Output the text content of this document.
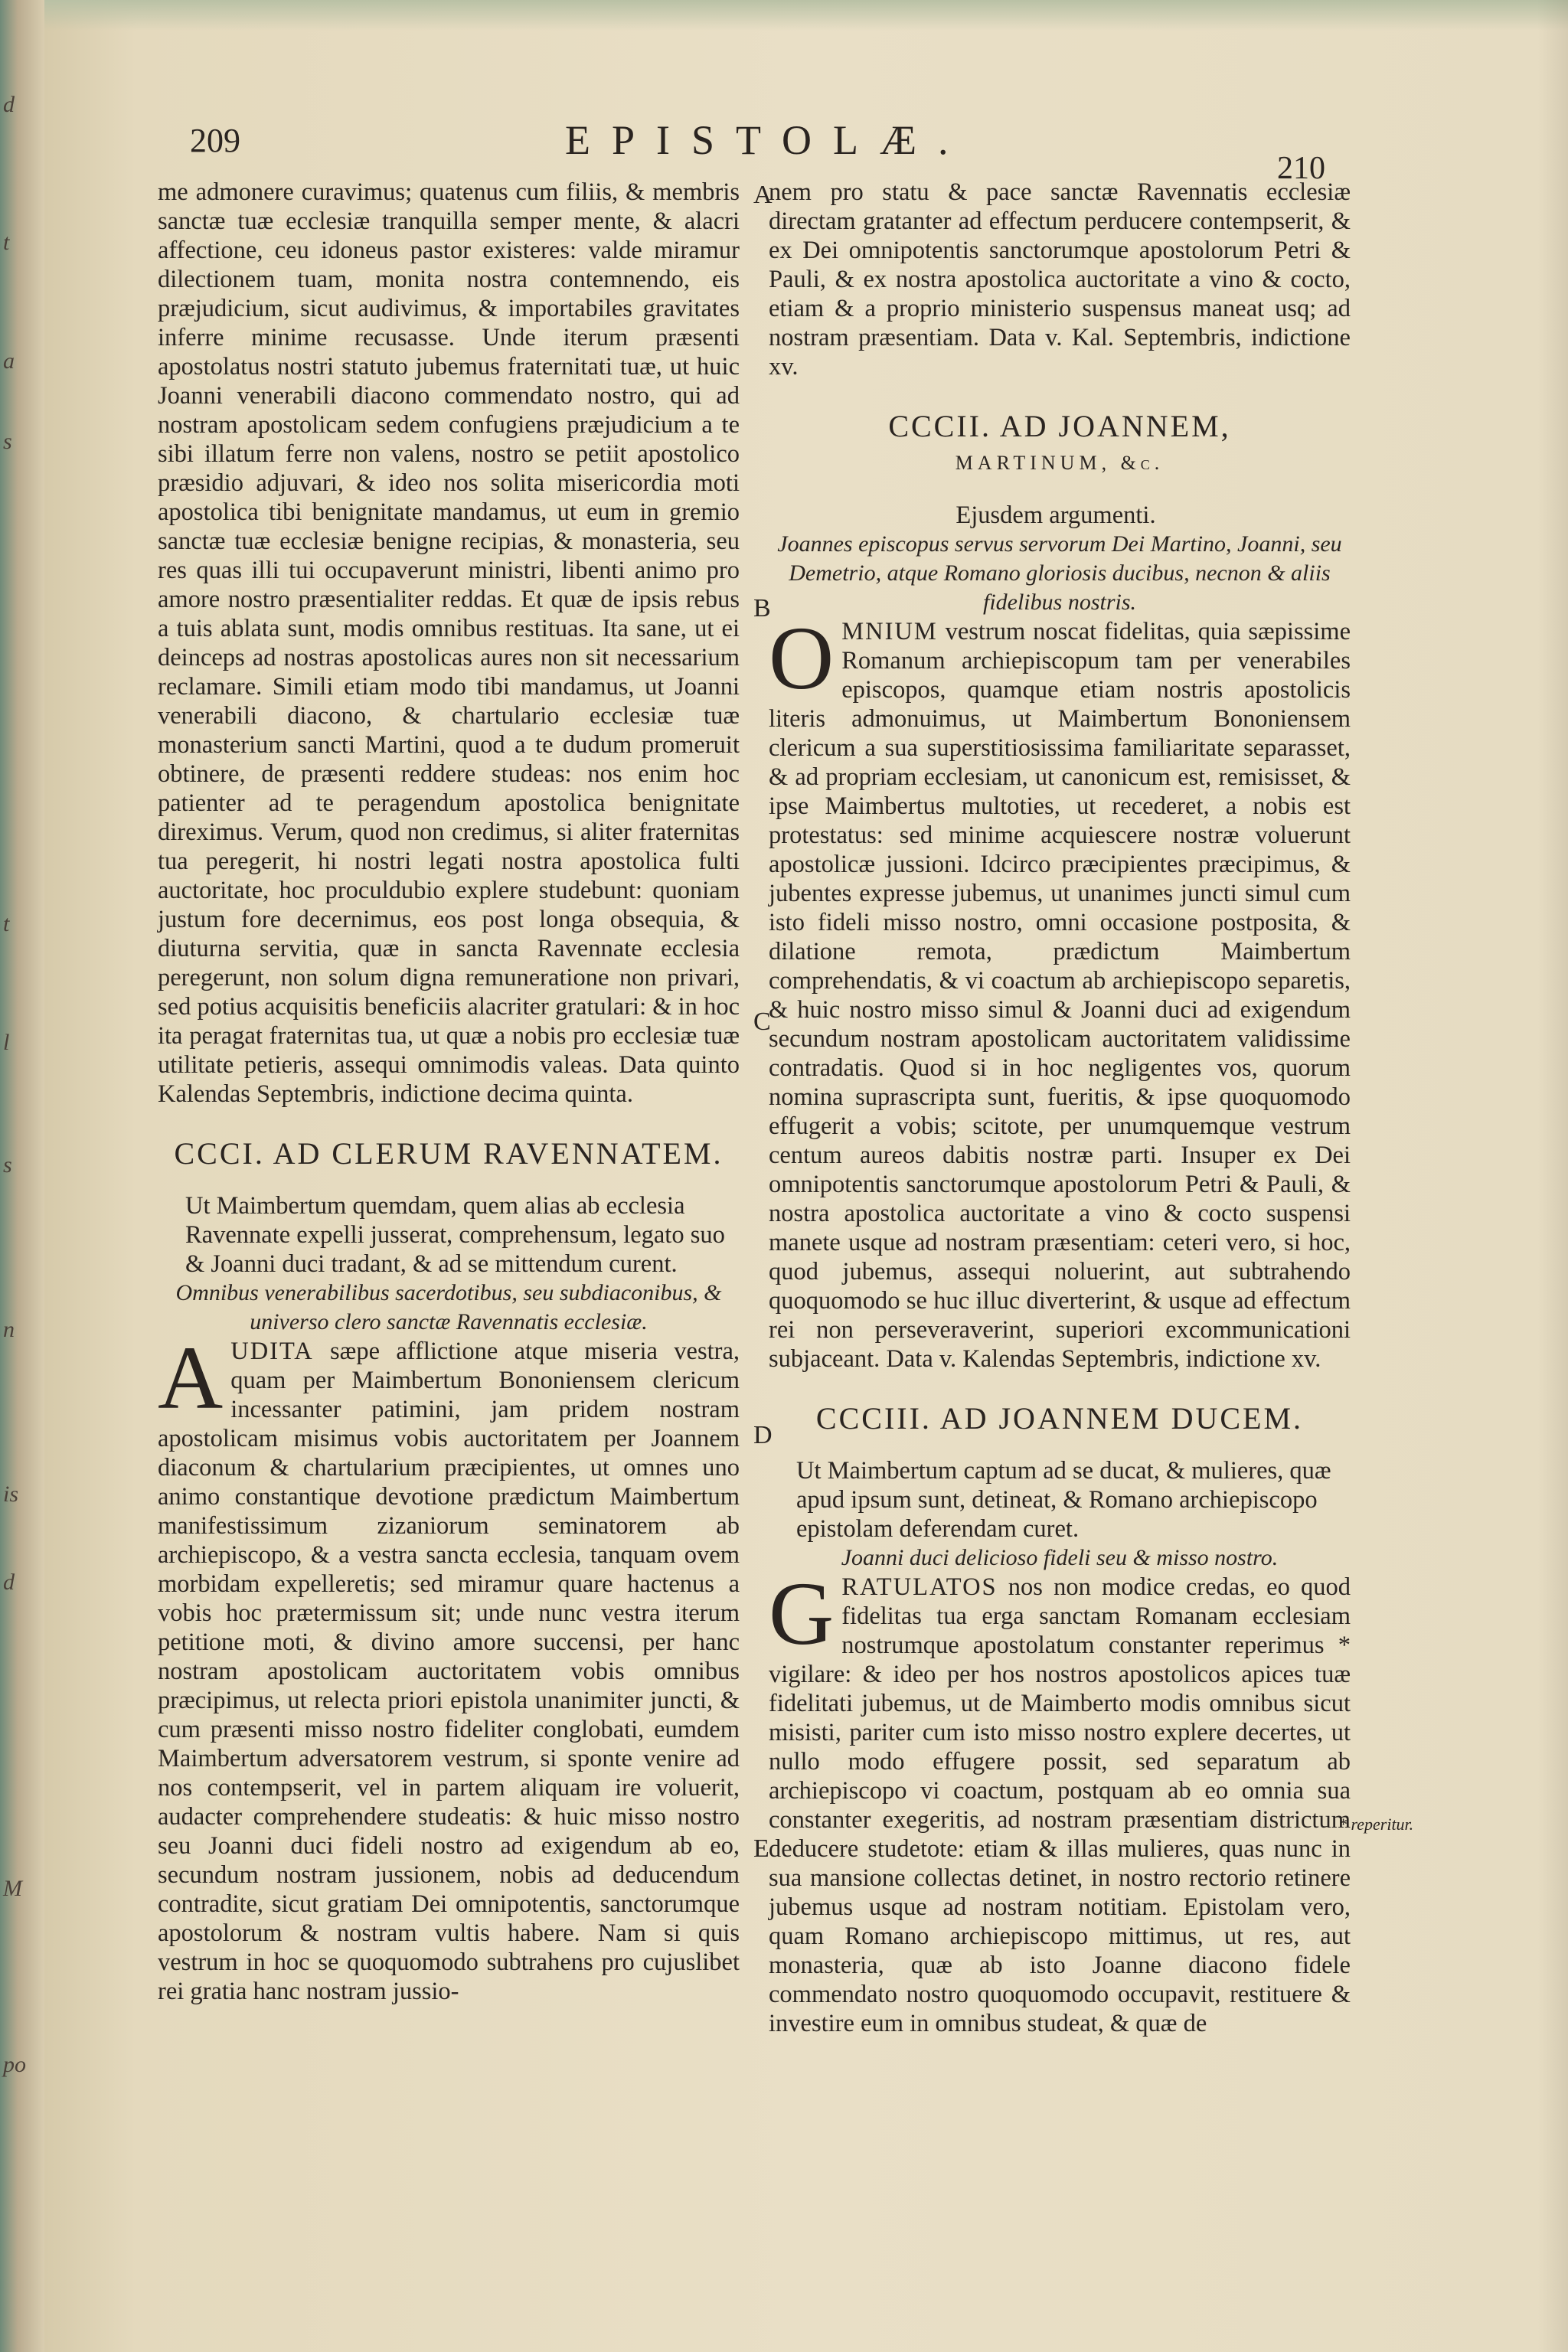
d
t
a
s
t
l
s
n
is
d
M
po
209	EPISTOLÆ.
210

me admonere curavimus; quatenus cum filiis, & membris sanctæ tuæ ecclesiæ tranquilla semper mente, & alacri affectione, ceu idoneus pastor existeres: valde miramur dilectionem tuam, monita nostra contemnendo, eis præjudicium, sicut audivimus, & importabiles gravitates inferre minime recusasse. Unde iterum præsenti apostolatus nostri statuto jubemus fraternitati tuæ, ut huic Joanni venerabili diacono commendato nostro, qui ad nostram apostolicam sedem confugiens præjudicium a te sibi illatum ferre non valens, nostro se petiit apostolico præsidio adjuvari, & ideo nos solita misericordia moti apostolica tibi benignitate mandamus, ut eum in gremio sanctæ tuæ ecclesiæ benigne recipias, & monasteria, seu res quas illi tui occupaverunt ministri, libenti animo pro amore nostro præsentialiter reddas. Et quæ de ipsis rebus a tuis ablata sunt, modis omnibus restituas. Ita sane, ut ei deinceps ad nostras apostolicas aures non sit necessarium reclamare. Simili etiam modo tibi mandamus, ut Joanni venerabili diacono, & chartulario ecclesiæ tuæ monasterium sancti Martini, quod a te dudum promeruit obtinere, de præsenti reddere studeas: nos enim hoc patienter ad te peragendum apostolica benignitate direximus. Verum, quod non credimus, si aliter fraternitas tua peregerit, hi nostri legati nostra apostolica fulti auctoritate, hoc proculdubio explere studebunt: quoniam justum fore decernimus, eos post longa obsequia, & diuturna servitia, quæ in sancta Ravennate ecclesia peregerunt, non solum digna remuneratione non privari, sed potius acquisitis beneficiis alacriter gratulari: & in hoc ita peragat fraternitas tua, ut quæ a nobis pro ecclesiæ tuæ utilitate petieris, assequi omnimodis valeas. Data quinto Kalendas Septembris, indictione decima quinta.

CCCI. AD CLERUM RAVENNATEM.

Ut Maimbertum quemdam, quem alias ab ecclesia Ravennate expelli jusserat, comprehensum, legato suo & Joanni duci tradant, & ad se mittendum curent.

Omnibus venerabilibus sacerdotibus, seu subdiaconibus, & universo clero sanctæ Ravennatis ecclesiæ.

AUDITA sæpe afflictione atque miseria vestra, quam per Maimbertum Bononiensem clericum incessanter patimini, jam pridem nostram apostolicam misimus vobis auctoritatem per Joannem diaconum & chartularium præcipientes, ut omnes uno animo constantique devotione prædictum Maimbertum manifestissimum zizaniorum seminatorem ab archiepiscopo, & a vestra sancta ecclesia, tanquam ovem morbidam expelleretis; sed miramur quare hactenus a vobis hoc prætermissum sit; unde nunc vestra iterum petitione moti, & divino amore succensi, per hanc nostram apostolicam auctoritatem vobis omnibus præcipimus, ut relecta priori epistola unanimiter juncti, & cum præsenti misso nostro fideliter conglobati, eumdem Maimbertum adversatorem vestrum, si sponte venire ad nos contempserit, vel in partem aliquam ire voluerit, audacter comprehendere studeatis: & huic misso nostro seu Joanni duci fideli nostro ad exigendum ab eo, secundum nostram jussionem, nobis ad deducendum contradite, sicut gratiam Dei omnipotentis, sanctorumque apostolorum & nostram vultis habere. Nam si quis vestrum in hoc se quoquomodo subtrahens pro cujuslibet rei gratia hanc nostram jussio-

A
B
C
D
E

nem pro statu & pace sanctæ Ravennatis ecclesiæ directam gratanter ad effectum perducere contempserit, & ex Dei omnipotentis sanctorumque apostolorum Petri & Pauli, & ex nostra apostolica auctoritate a vino & cocto, etiam & a proprio ministerio suspensus maneat usq; ad nostram præsentiam. Data v. Kal. Septembris, indictione xv.

CCCII. AD JOANNEM,
MARTINUM, &c.

Ejusdem argumenti.

Joannes episcopus servus servorum Dei Martino, Joanni, seu Demetrio, atque Romano gloriosis ducibus, necnon & aliis fidelibus nostris.

OMNIUM vestrum noscat fidelitas, quia sæpissime Romanum archiepiscopum tam per venerabiles episcopos, quamque etiam nostris apostolicis literis admonuimus, ut Maimbertum Bononiensem clericum a sua superstitiosissima familiaritate separasset, & ad propriam ecclesiam, ut canonicum est, remisisset, & ipse Maimbertus multoties, ut recederet, a nobis est protestatus: sed minime acquiescere nostræ voluerunt apostolicæ jussioni. Idcirco præcipientes præcipimus, & jubentes expresse jubemus, ut unanimes juncti simul cum isto fideli misso nostro, omni occasione postposita, & dilatione remota, prædictum Maimbertum comprehendatis, & vi coactum ab archiepiscopo separetis, & huic nostro misso simul & Joanni duci ad exigendum secundum nostram apostolicam auctoritatem validissime contradatis. Quod si in hoc negligentes vos, quorum nomina suprascripta sunt, fueritis, & ipse quoquomodo effugerit a vobis; scitote, per unumquemque vestrum centum aureos dabitis nostræ parti. Insuper ex Dei omnipotentis sanctorumque apostolorum Petri & Pauli, & nostra apostolica auctoritate a vino & cocto suspensi manete usque ad nostram præsentiam: ceteri vero, si hoc, quod jubemus, assequi noluerint, aut subtrahendo quoquomodo se huc illuc diverterint, & usque ad effectum rei non perseveraverint, superiori excommunicationi subjaceant. Data v. Kalendas Septembris, indictione xv.

CCCIII. AD JOANNEM DUCEM.

Ut Maimbertum captum ad se ducat, & mulieres, quæ apud ipsum sunt, detineat, & Romano archiepiscopo epistolam deferendam curet.

Joanni duci delicioso fideli seu & misso nostro.

GRATULATOS nos non modice credas, eo quod fidelitas tua erga sanctam Romanam ecclesiam nostrumque apostolatum constanter reperimus * vigilare: & ideo per hos nostros apostolicos apices tuæ fidelitati jubemus, ut de Maimberto modis omnibus sicut misisti, pariter cum isto misso nostro explere decertes, ut nullo modo effugere possit, sed separatum ab archiepiscopo vi coactum, postquam ab eo omnia sua constanter exegeritis, ad nostram præsentiam districtum deducere studetote: etiam & illas mulieres, quas nunc in sua mansione collectas detinet, in nostro rectorio retinere jubemus usque ad nostram notitiam. Epistolam vero, quam Romano archiepiscopo mittimus, ut res, aut monasteria, quæ ab isto Joanne diacono fidele commendato nostro quoquomodo occupavit, restituere & investire eum in omnibus studeat, & quæ de

* reperitur.
